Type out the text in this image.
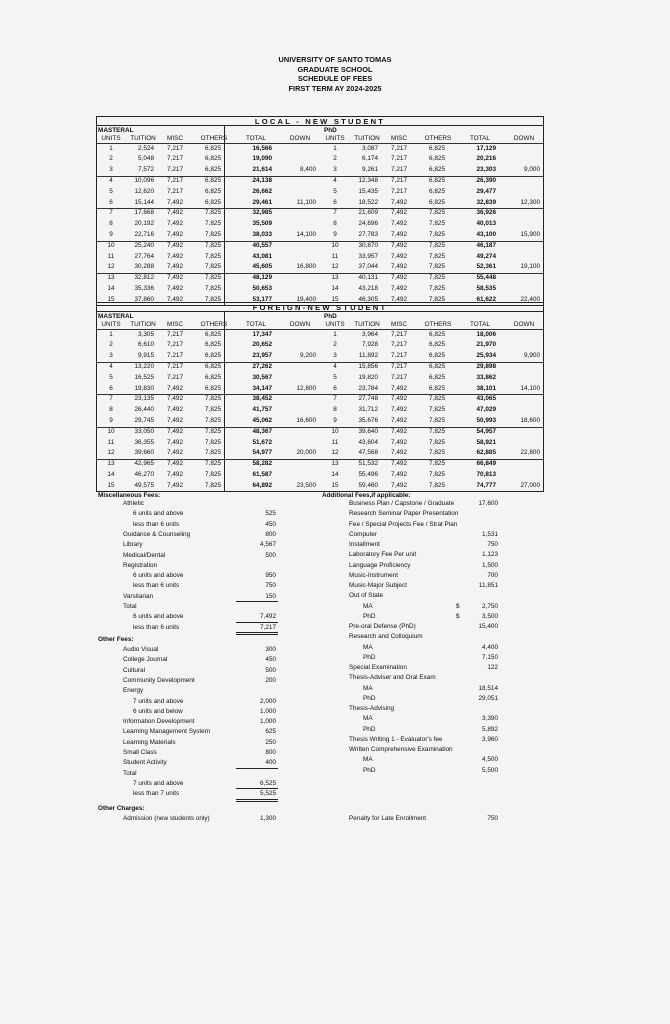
UNIVERSITY OF SANTO TOMAS
GRADUATE SCHOOL
SCHEDULE OF FEES
FIRST TERM AY 2024-2025
LOCAL - NEW STUDENT
MASTERAL	PhD
UNITS	UNITS
TUITION	TUITION
MISC	MISC
OTHERS	OTHERS
TOTAL	TOTAL
DOWN	DOWN
1	2,524	7,217	6,825	16,566	1	3,087	7,217	6,825	17,129
2	5,048	7,217	6,825	19,090	2	6,174	7,217	6,825	20,216
3	7,572	7,217	6,825	21,614	8,400	3	9,261	7,217	6,825	23,303	9,000
4	10,096	7,217	6,825	24,138	4	12,348	7,217	6,825	26,390
5	12,620	7,217	6,825	26,662	5	15,435	7,217	6,825	29,477
6	15,144	7,492	6,825	29,461	11,100	6	18,522	7,492	6,825	32,839	12,300
7	17,668	7,492	7,825	32,985	7	21,609	7,492	7,825	36,926
8	20,192	7,492	7,825	35,509	8	24,696	7,492	7,825	40,013
9	22,716	7,492	7,825	38,033	14,100	9	27,783	7,492	7,825	43,100	15,900
10	25,240	7,492	7,825	40,557	10	30,870	7,492	7,825	46,187
11	27,764	7,492	7,825	43,081	11	33,957	7,492	7,825	49,274
12	30,288	7,492	7,825	45,605	16,800	12	37,044	7,492	7,825	52,361	19,100
13	32,812	7,492	7,825	48,129	13	40,131	7,492	7,825	55,448
14	35,336	7,492	7,825	50,653	14	43,218	7,492	7,825	58,535
15	37,860	7,492	7,825	53,177	19,400	15	46,305	7,492	7,825	61,622	22,400
FOREIGN-NEW STUDENT
MASTERAL	PhD
UNITS	UNITS
TUITION	TUITION
MISC	MISC
OTHERS	OTHERS
TOTAL	TOTAL
DOWN	DOWN
1	3,305	7,217	6,825	17,347	1	3,964	7,217	6,825	18,006
2	6,610	7,217	6,825	20,652	2	7,928	7,217	6,825	21,970
3	9,915	7,217	6,825	23,957	9,200	3	11,892	7,217	6,825	25,934	9,900
4	13,220	7,217	6,825	27,262	4	15,856	7,217	6,825	29,898
5	16,525	7,217	6,825	30,567	5	19,820	7,217	6,825	33,862
6	19,830	7,492	6,825	34,147	12,800	6	23,784	7,492	6,825	38,101	14,100
7	23,135	7,492	7,825	38,452	7	27,748	7,492	7,825	43,065
8	26,440	7,492	7,825	41,757	8	31,712	7,492	7,825	47,029
9	29,745	7,492	7,825	45,062	16,600	9	35,676	7,492	7,825	50,993	18,600
10	33,050	7,492	7,825	48,367	10	39,640	7,492	7,825	54,957
11	36,355	7,492	7,825	51,672	11	43,604	7,492	7,825	58,921
12	39,660	7,492	7,825	54,977	20,000	12	47,568	7,492	7,825	62,885	22,800
13	42,965	7,492	7,825	58,282	13	51,532	7,492	7,825	66,849
14	46,270	7,492	7,825	61,587	14	55,496	7,492	7,825	70,813
15	49,575	7,492	7,825	64,892	23,500	15	59,460	7,492	7,825	74,777	27,000
Miscellaneous Fees:
Athletic
6 units and above	525
less than 6 units	450
Guidance & Counseling	800
Library	4,567
Medical/Dental	500
Registration
6 units and above	950
less than 6 units	750
Varsitarian	150
Total
6 units and above	7,492
less than 6 units	7,217
Other Fees:
Audio Visual	300
College Journal	450
Cultural	500
Community Development	200
Energy
7 units and above	2,000
6 units and below	1,000
Information Development	1,000
Learning Management System	625
Learning Materials	250
Small Class	800
Student Activity	400
Total
7 units and above	6,525
less than 7 units	5,525
Other Charges:
Admission (new students only)	1,300	Penalty for Late Enrollment	750
Additional Fees,if applicable:
Business Plan / Capstone / Graduate	17,600
Research Seminar Paper Presentation
Fee / Special Projects Fee / Strat Plan
Computer	1,531
Installment	750
Laboratory Fee Per unit	1,123
Language Proficiency	1,500
Music-Instrument	700
Music-Major Subject	11,851
Out of State
MA	$	2,750
PhD	$	3,500
Pre-oral Defense (PhD)	15,400
Research and Colloquium
MA	4,400
PhD	7,150
Special Examination	122
Thesis-Adviser and Oral Exam
MA	18,514
PhD	29,051
Thesis-Advising
MA	3,390
PhD	5,892
Thesis Writing 1 - Evaluator's fee	3,960
Written Comprehensive Examination
MA	4,500
PhD	5,500
